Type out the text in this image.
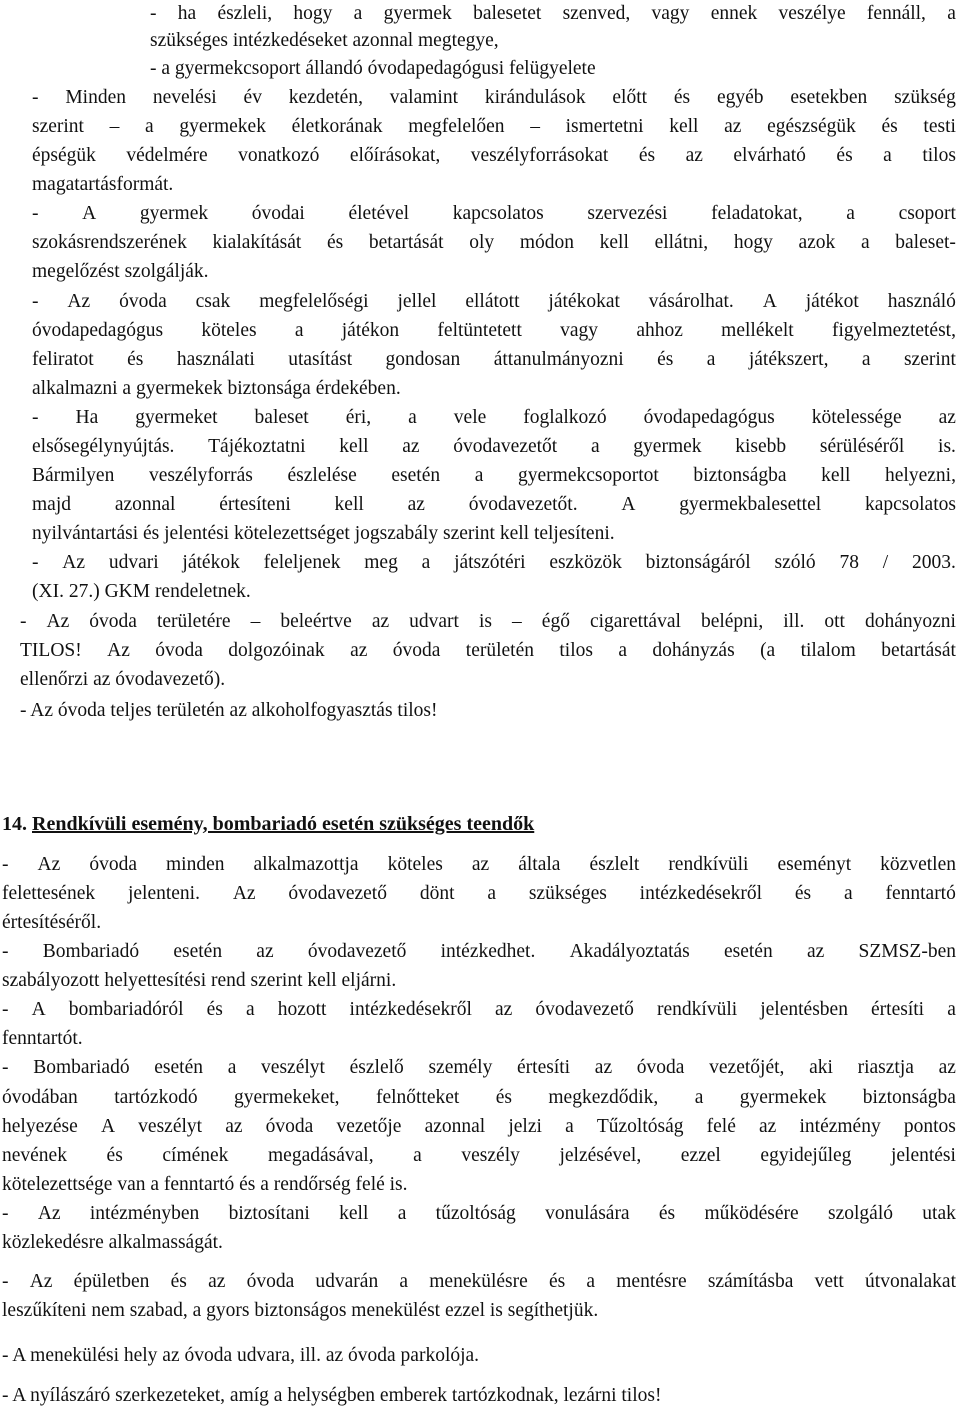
- ha észleli, hogy a gyermek balesetet szenved, vagy ennek veszélye fennáll, a
szükséges intézkedéseket azonnal megtegye,
- a gyermekcsoport állandó óvodapedagógusi felügyelete
- Minden nevelési év kezdetén, valamint kirándulások előtt és egyéb esetekben szükség
szerint – a gyermekek életkorának megfelelően – ismertetni kell az egészségük és testi
épségük védelmére vonatkozó előírásokat, veszélyforrásokat és az elvárható és a tilos
magatartásformát.
- A gyermek óvodai életével kapcsolatos szervezési feladatokat, a csoport
szokásrendszerének kialakítását és betartását oly módon kell ellátni, hogy azok a baleset-
megelőzést szolgálják.
- Az óvoda csak megfelelőségi jellel ellátott játékokat vásárolhat. A játékot használó
óvodapedagógus köteles a játékon feltüntetett vagy ahhoz mellékelt figyelmeztetést,
feliratot és használati utasítást gondosan áttanulmányozni és a játékszert, a szerint
alkalmazni a gyermekek biztonsága érdekében.
- Ha gyermeket baleset éri, a vele foglalkozó óvodapedagógus kötelessége az
elsősegélynyújtás. Tájékoztatni kell az óvodavezetőt a gyermek kisebb sérüléséről is.
Bármilyen veszélyforrás észlelése esetén a gyermekcsoportot biztonságba kell helyezni,
majd azonnal értesíteni kell az óvodavezetőt. A gyermekbalesettel kapcsolatos
nyilvántartási és jelentési kötelezettséget jogszabály szerint kell teljesíteni.
- Az udvari játékok feleljenek meg a játszótéri eszközök biztonságáról szóló 78 / 2003.
(XI. 27.) GKM rendeletnek.
- Az óvoda területére – beleértve az udvart is – égő cigarettával belépni, ill. ott dohányozni
TILOS! Az óvoda dolgozóinak az óvoda területén tilos a dohányzás (a tilalom betartását
ellenőrzi az óvodavezető).
- Az óvoda teljes területén az alkoholfogyasztás tilos!
14. Rendkívüli esemény, bombariadó esetén szükséges teendők
- Az óvoda minden alkalmazottja köteles az általa észlelt rendkívüli eseményt közvetlen
felettesének jelenteni. Az óvodavezető dönt a szükséges intézkedésekről és a fenntartó
értesítéséről.
- Bombariadó esetén az óvodavezető intézkedhet. Akadályoztatás esetén az SZMSZ-ben
szabályozott helyettesítési rend szerint kell eljárni.
- A bombariadóról és a hozott intézkedésekről az óvodavezető rendkívüli jelentésben értesíti a
fenntartót.
- Bombariadó esetén a veszélyt észlelő személy értesíti az óvoda vezetőjét, aki riasztja az
óvodában tartózkodó gyermekeket, felnőtteket és megkezdődik, a gyermekek biztonságba
helyezése A veszélyt az óvoda vezetője azonnal jelzi a Tűzoltóság felé az intézmény pontos
nevének és címének megadásával, a veszély jelzésével, ezzel egyidejűleg jelentési
kötelezettsége van a fenntartó és a rendőrség felé is.
- Az intézményben biztosítani kell a tűzoltóság vonulására és működésére szolgáló utak
közlekedésre alkalmasságát.
- Az épületben és az óvoda udvarán a menekülésre és a mentésre számításba vett útvonalakat
leszűkíteni nem szabad, a gyors biztonságos menekülést ezzel is segíthetjük.
- A menekülési hely az óvoda udvara, ill. az óvoda parkolója.
- A nyílászáró szerkezeteket, amíg a helységben emberek tartózkodnak, lezárni tilos!
